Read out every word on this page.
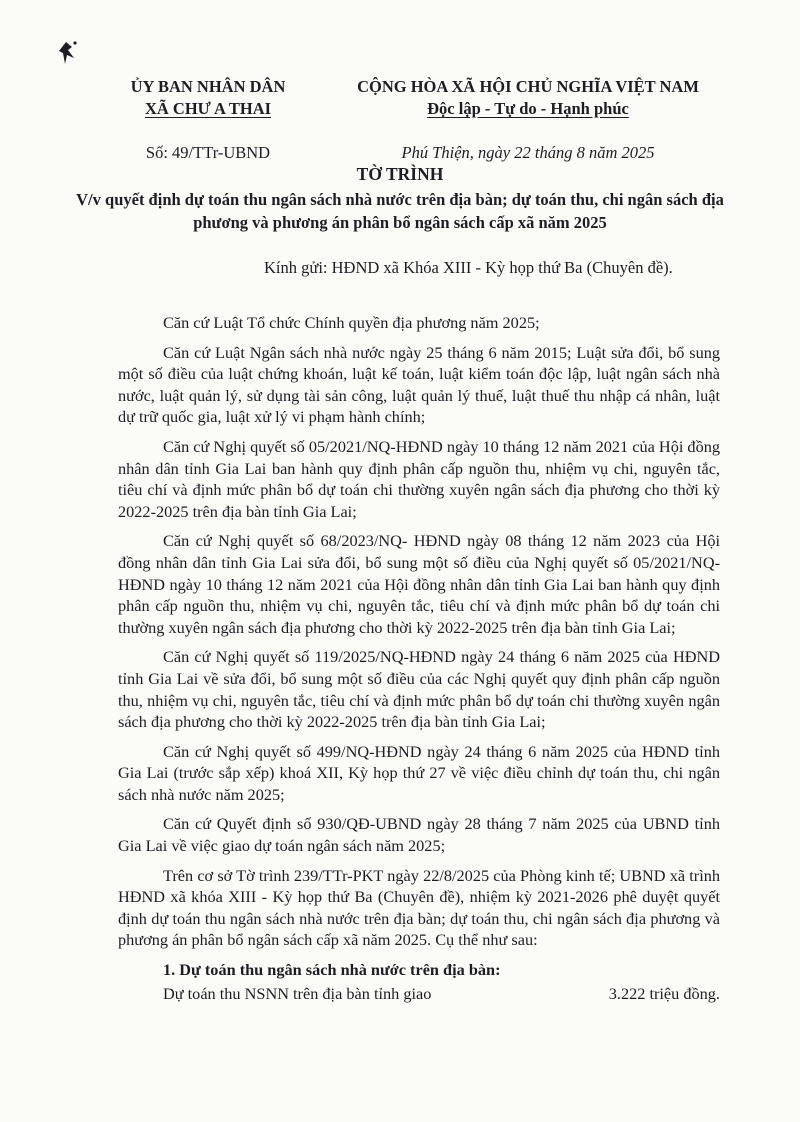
ỦY BAN NHÂN DÂN
XÃ CHƯ A THAI
Số: 49/TTr-UBND
CỘNG HÒA XÃ HỘI CHỦ NGHĨA VIỆT NAM
Độc lập - Tự do - Hạnh phúc
Phú Thiện, ngày 22 tháng 8 năm 2025
TỜ TRÌNH
V/v quyết định dự toán thu ngân sách nhà nước trên địa bàn; dự toán thu, chi ngân sách địa phương và phương án phân bổ ngân sách cấp xã năm 2025
Kính gửi: HĐND xã Khóa XIII - Kỳ họp thứ Ba (Chuyên đề).

Căn cứ Luật Tổ chức Chính quyền địa phương năm 2025;

Căn cứ Luật Ngân sách nhà nước ngày 25 tháng 6 năm 2015; Luật sửa đổi, bổ sung một số điều của luật chứng khoán, luật kế toán, luật kiểm toán độc lập, luật ngân sách nhà nước, luật quản lý, sử dụng tài sản công, luật quản lý thuế, luật thuế thu nhập cá nhân, luật dự trữ quốc gia, luật xử lý vi phạm hành chính;

Căn cứ Nghị quyết số 05/2021/NQ-HĐND ngày 10 tháng 12 năm 2021 của Hội đồng nhân dân tỉnh Gia Lai ban hành quy định phân cấp nguồn thu, nhiệm vụ chi, nguyên tắc, tiêu chí và định mức phân bổ dự toán chi thường xuyên ngân sách địa phương cho thời kỳ 2022-2025 trên địa bàn tỉnh Gia Lai;

Căn cứ Nghị quyết số 68/2023/NQ- HĐND ngày 08 tháng 12 năm 2023 của Hội đồng nhân dân tỉnh Gia Lai sửa đổi, bổ sung một số điều của Nghị quyết số 05/2021/NQ-HĐND ngày 10 tháng 12 năm 2021 của Hội đồng nhân dân tỉnh Gia Lai ban hành quy định phân cấp nguồn thu, nhiệm vụ chi, nguyên tắc, tiêu chí và định mức phân bổ dự toán chi thường xuyên ngân sách địa phương cho thời kỳ 2022-2025 trên địa bàn tỉnh Gia Lai;

Căn cứ Nghị quyết số 119/2025/NQ-HĐND ngày 24 tháng 6 năm 2025 của HĐND tỉnh Gia Lai về sửa đổi, bổ sung một số điều của các Nghị quyết quy định phân cấp nguồn thu, nhiệm vụ chi, nguyên tắc, tiêu chí và định mức phân bổ dự toán chi thường xuyên ngân sách địa phương cho thời kỳ 2022-2025 trên địa bàn tỉnh Gia Lai;

Căn cứ Nghị quyết số 499/NQ-HĐND ngày 24 tháng 6 năm 2025 của HĐND tỉnh Gia Lai (trước sắp xếp) khoá XII, Kỳ họp thứ 27 về việc điều chỉnh dự toán thu, chi ngân sách nhà nước năm 2025;

Căn cứ Quyết định số 930/QĐ-UBND ngày 28 tháng 7 năm 2025 của UBND tỉnh Gia Lai về việc giao dự toán ngân sách năm 2025;

Trên cơ sở Tờ trình 239/TTr-PKT ngày 22/8/2025 của Phòng kinh tế; UBND xã trình HĐND xã khóa XIII - Kỳ họp thứ Ba (Chuyên đề), nhiệm kỳ 2021-2026 phê duyệt quyết định dự toán thu ngân sách nhà nước trên địa bàn; dự toán thu, chi ngân sách địa phương và phương án phân bổ ngân sách cấp xã năm 2025. Cụ thể như sau:

1. Dự toán thu ngân sách nhà nước trên địa bàn:
Dự toán thu NSNN trên địa bàn tỉnh giao	3.222 triệu đồng.
